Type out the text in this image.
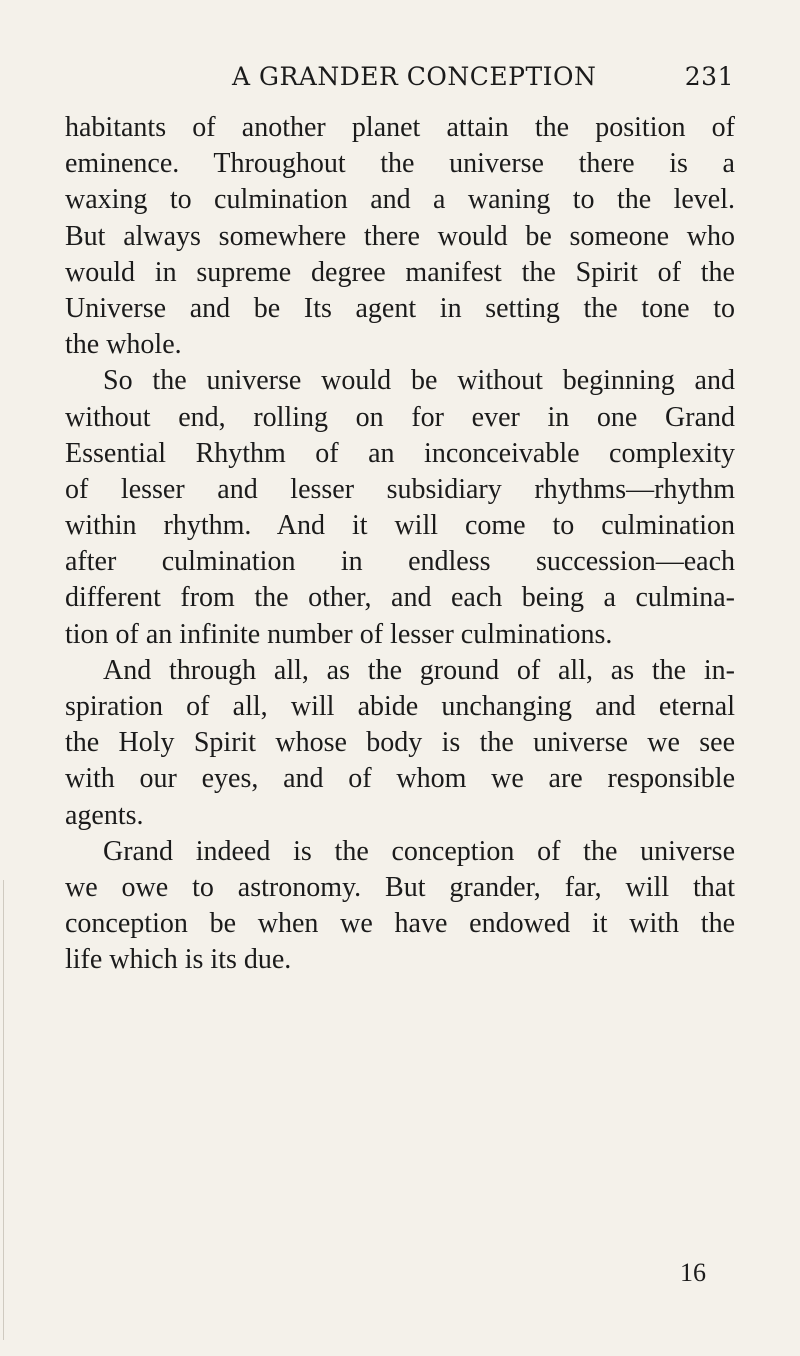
A GRANDER CONCEPTION	231
habitants of another planet attain the position of
eminence. Throughout the universe there is a
waxing to culmination and a waning to the level.
But always somewhere there would be someone who
would in supreme degree manifest the Spirit of the
Universe and be Its agent in setting the tone to
the whole.
So the universe would be without beginning and
without end, rolling on for ever in one Grand
Essential Rhythm of an inconceivable complexity
of lesser and lesser subsidiary rhythms—rhythm
within rhythm. And it will come to culmination
after culmination in endless succession—each
different from the other, and each being a culmina-
tion of an infinite number of lesser culminations.
And through all, as the ground of all, as the in-
spiration of all, will abide unchanging and eternal
the Holy Spirit whose body is the universe we see
with our eyes, and of whom we are responsible
agents.
Grand indeed is the conception of the universe
we owe to astronomy. But grander, far, will that
conception be when we have endowed it with the
life which is its due.
16
